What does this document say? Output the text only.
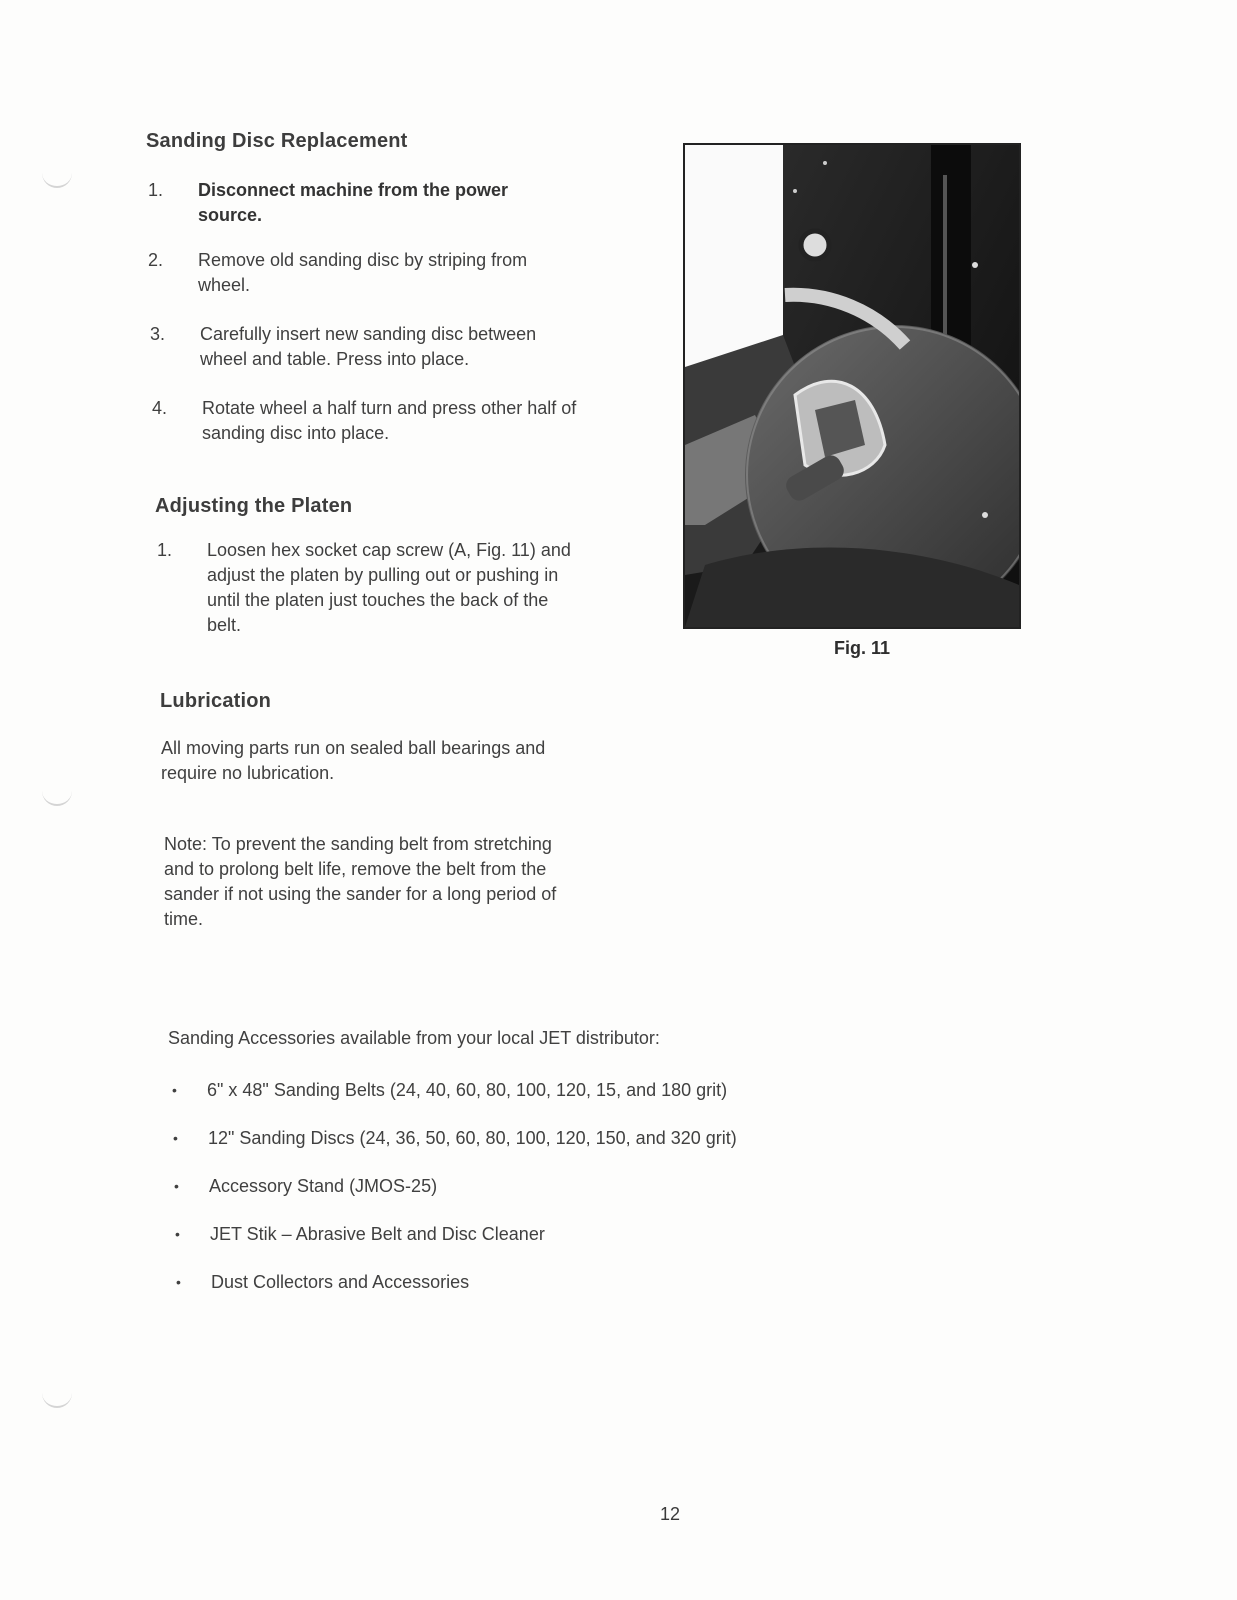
Sanding Disc Replacement
1. Disconnect machine from the power
source.
2. Remove old sanding disc by striping from
wheel.
3. Carefully insert new sanding disc between
wheel and table. Press into place.
4. Rotate wheel a half turn and press other half of
sanding disc into place.
Adjusting the Platen
1. Loosen hex socket cap screw (A, Fig. 11) and
adjust the platen by pulling out or pushing in
until the platen just touches the back of the
belt.
Lubrication
All moving parts run on sealed ball bearings and
require no lubrication.
Note: To prevent the sanding belt from stretching
and to prolong belt life, remove the belt from the
sander if not using the sander for a long period of
time.
Sanding Accessories available from your local JET distributor:
• 6" x 48" Sanding Belts (24, 40, 60, 80, 100, 120, 15, and 180 grit)
• 12" Sanding Discs (24, 36, 50, 60, 80, 100, 120, 150, and 320 grit)
• Accessory Stand (JMOS-25)
• JET Stik – Abrasive Belt and Disc Cleaner
• Dust Collectors and Accessories
Fig. 11
12
